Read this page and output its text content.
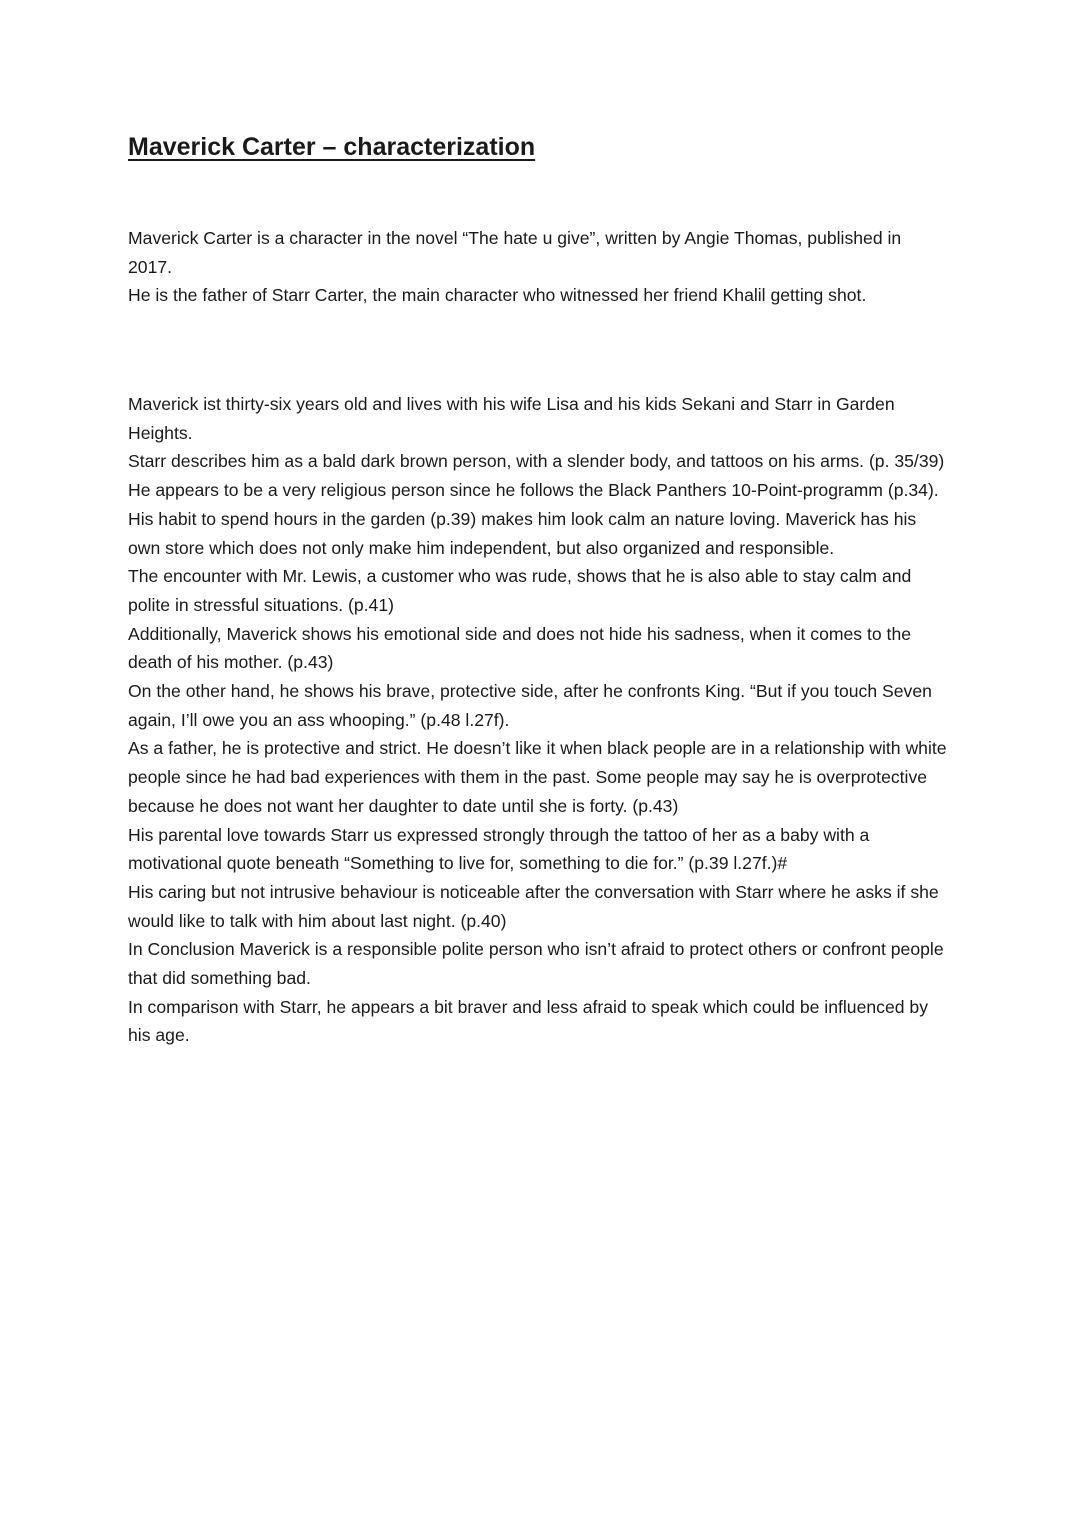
Maverick Carter – characterization

Maverick Carter is a character in the novel “The hate u give”, written by Angie Thomas, published in 2017.

He is the father of Starr Carter, the main character who witnessed her friend Khalil getting shot.

Maverick ist thirty-six years old and lives with his wife Lisa and his kids Sekani and Starr in Garden Heights.

Starr describes him as a bald dark brown person, with a slender body, and tattoos on his arms. (p. 35/39)

He appears to be a very religious person since he follows the Black Panthers 10-Point-programm (p.34). His habit to spend hours in the garden (p.39) makes him look calm an nature loving. Maverick has his own store which does not only make him independent, but also organized and responsible.

The encounter with Mr. Lewis, a customer who was rude, shows that he is also able to stay calm and polite in stressful situations. (p.41)

Additionally, Maverick shows his emotional side and does not hide his sadness, when it comes to the death of his mother. (p.43)

On the other hand, he shows his brave, protective side, after he confronts King. “But if you touch Seven again, I’ll owe you an ass whooping.” (p.48 l.27f).

As a father, he is protective and strict. He doesn’t like it when black people are in a relationship with white people since he had bad experiences with them in the past. Some people may say he is overprotective because he does not want her daughter to date until she is forty. (p.43)

His parental love towards Starr us expressed strongly through the tattoo of her as a baby with a motivational quote beneath “Something to live for, something to die for.” (p.39 l.27f.)#

His caring but not intrusive behaviour is noticeable after the conversation with Starr where he asks if she would like to talk with him about last night. (p.40)

In Conclusion Maverick is a responsible polite person who isn’t afraid to protect others or confront people that did something bad.

In comparison with Starr, he appears a bit braver and less afraid to speak which could be influenced by his age.
